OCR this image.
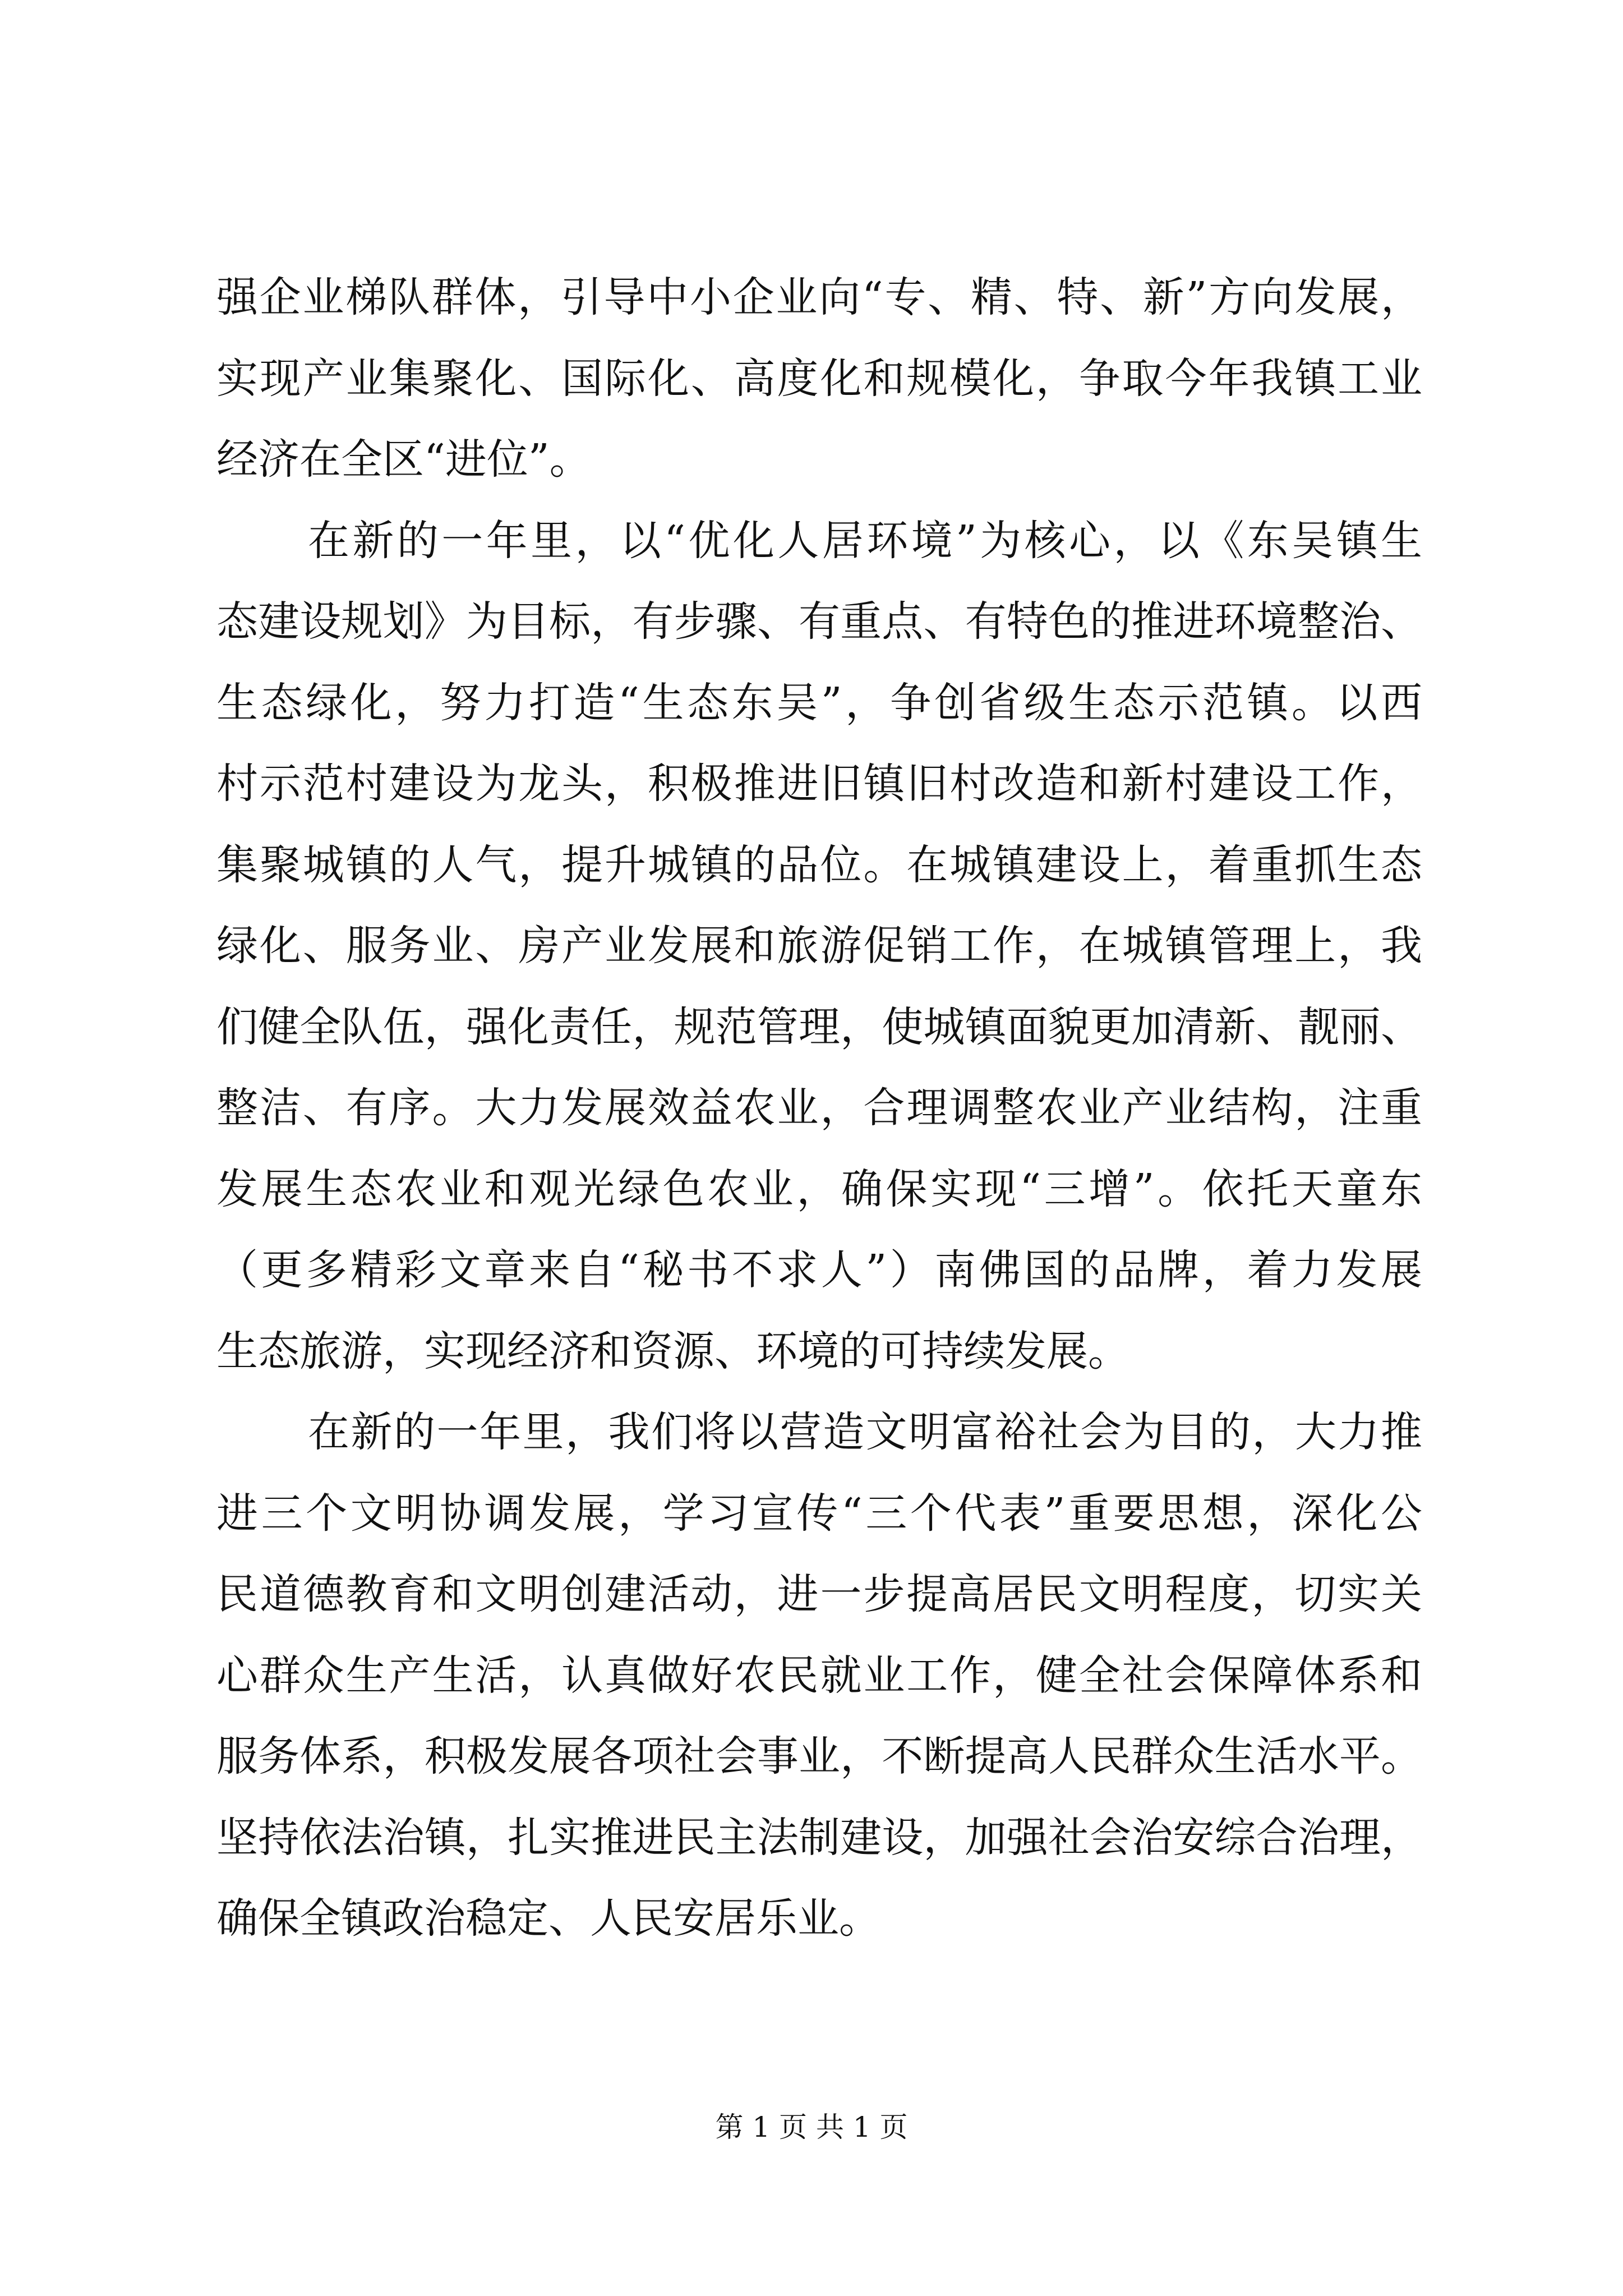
强企业梯队群体，引导中小企业向“专、精、特、新”方向发展，
实现产业集聚化、国际化、高度化和规模化，争取今年我镇工业
经济在全区“进位”。
在新的一年里，以“优化人居环境”为核心，以《东吴镇生
态建设规划》为目标，有步骤、有重点、有特色的推进环境整治、
生态绿化，努力打造“生态东吴”，争创省级生态示范镇。以西
村示范村建设为龙头，积极推进旧镇旧村改造和新村建设工作，
集聚城镇的人气，提升城镇的品位。在城镇建设上，着重抓生态
绿化、服务业、房产业发展和旅游促销工作，在城镇管理上，我
们健全队伍，强化责任，规范管理，使城镇面貌更加清新、靓丽、
整洁、有序。大力发展效益农业，合理调整农业产业结构，注重
发展生态农业和观光绿色农业，确保实现“三增”。依托天童东
（更多精彩文章来自“秘书不求人”）南佛国的品牌，着力发展
生态旅游，实现经济和资源、环境的可持续发展。
在新的一年里，我们将以营造文明富裕社会为目的，大力推
进三个文明协调发展，学习宣传“三个代表”重要思想，深化公
民道德教育和文明创建活动，进一步提高居民文明程度，切实关
心群众生产生活，认真做好农民就业工作，健全社会保障体系和
服务体系，积极发展各项社会事业，不断提高人民群众生活水平。
坚持依法治镇，扎实推进民主法制建设，加强社会治安综合治理，
确保全镇政治稳定、人民安居乐业。
第 1 页 共 1 页
